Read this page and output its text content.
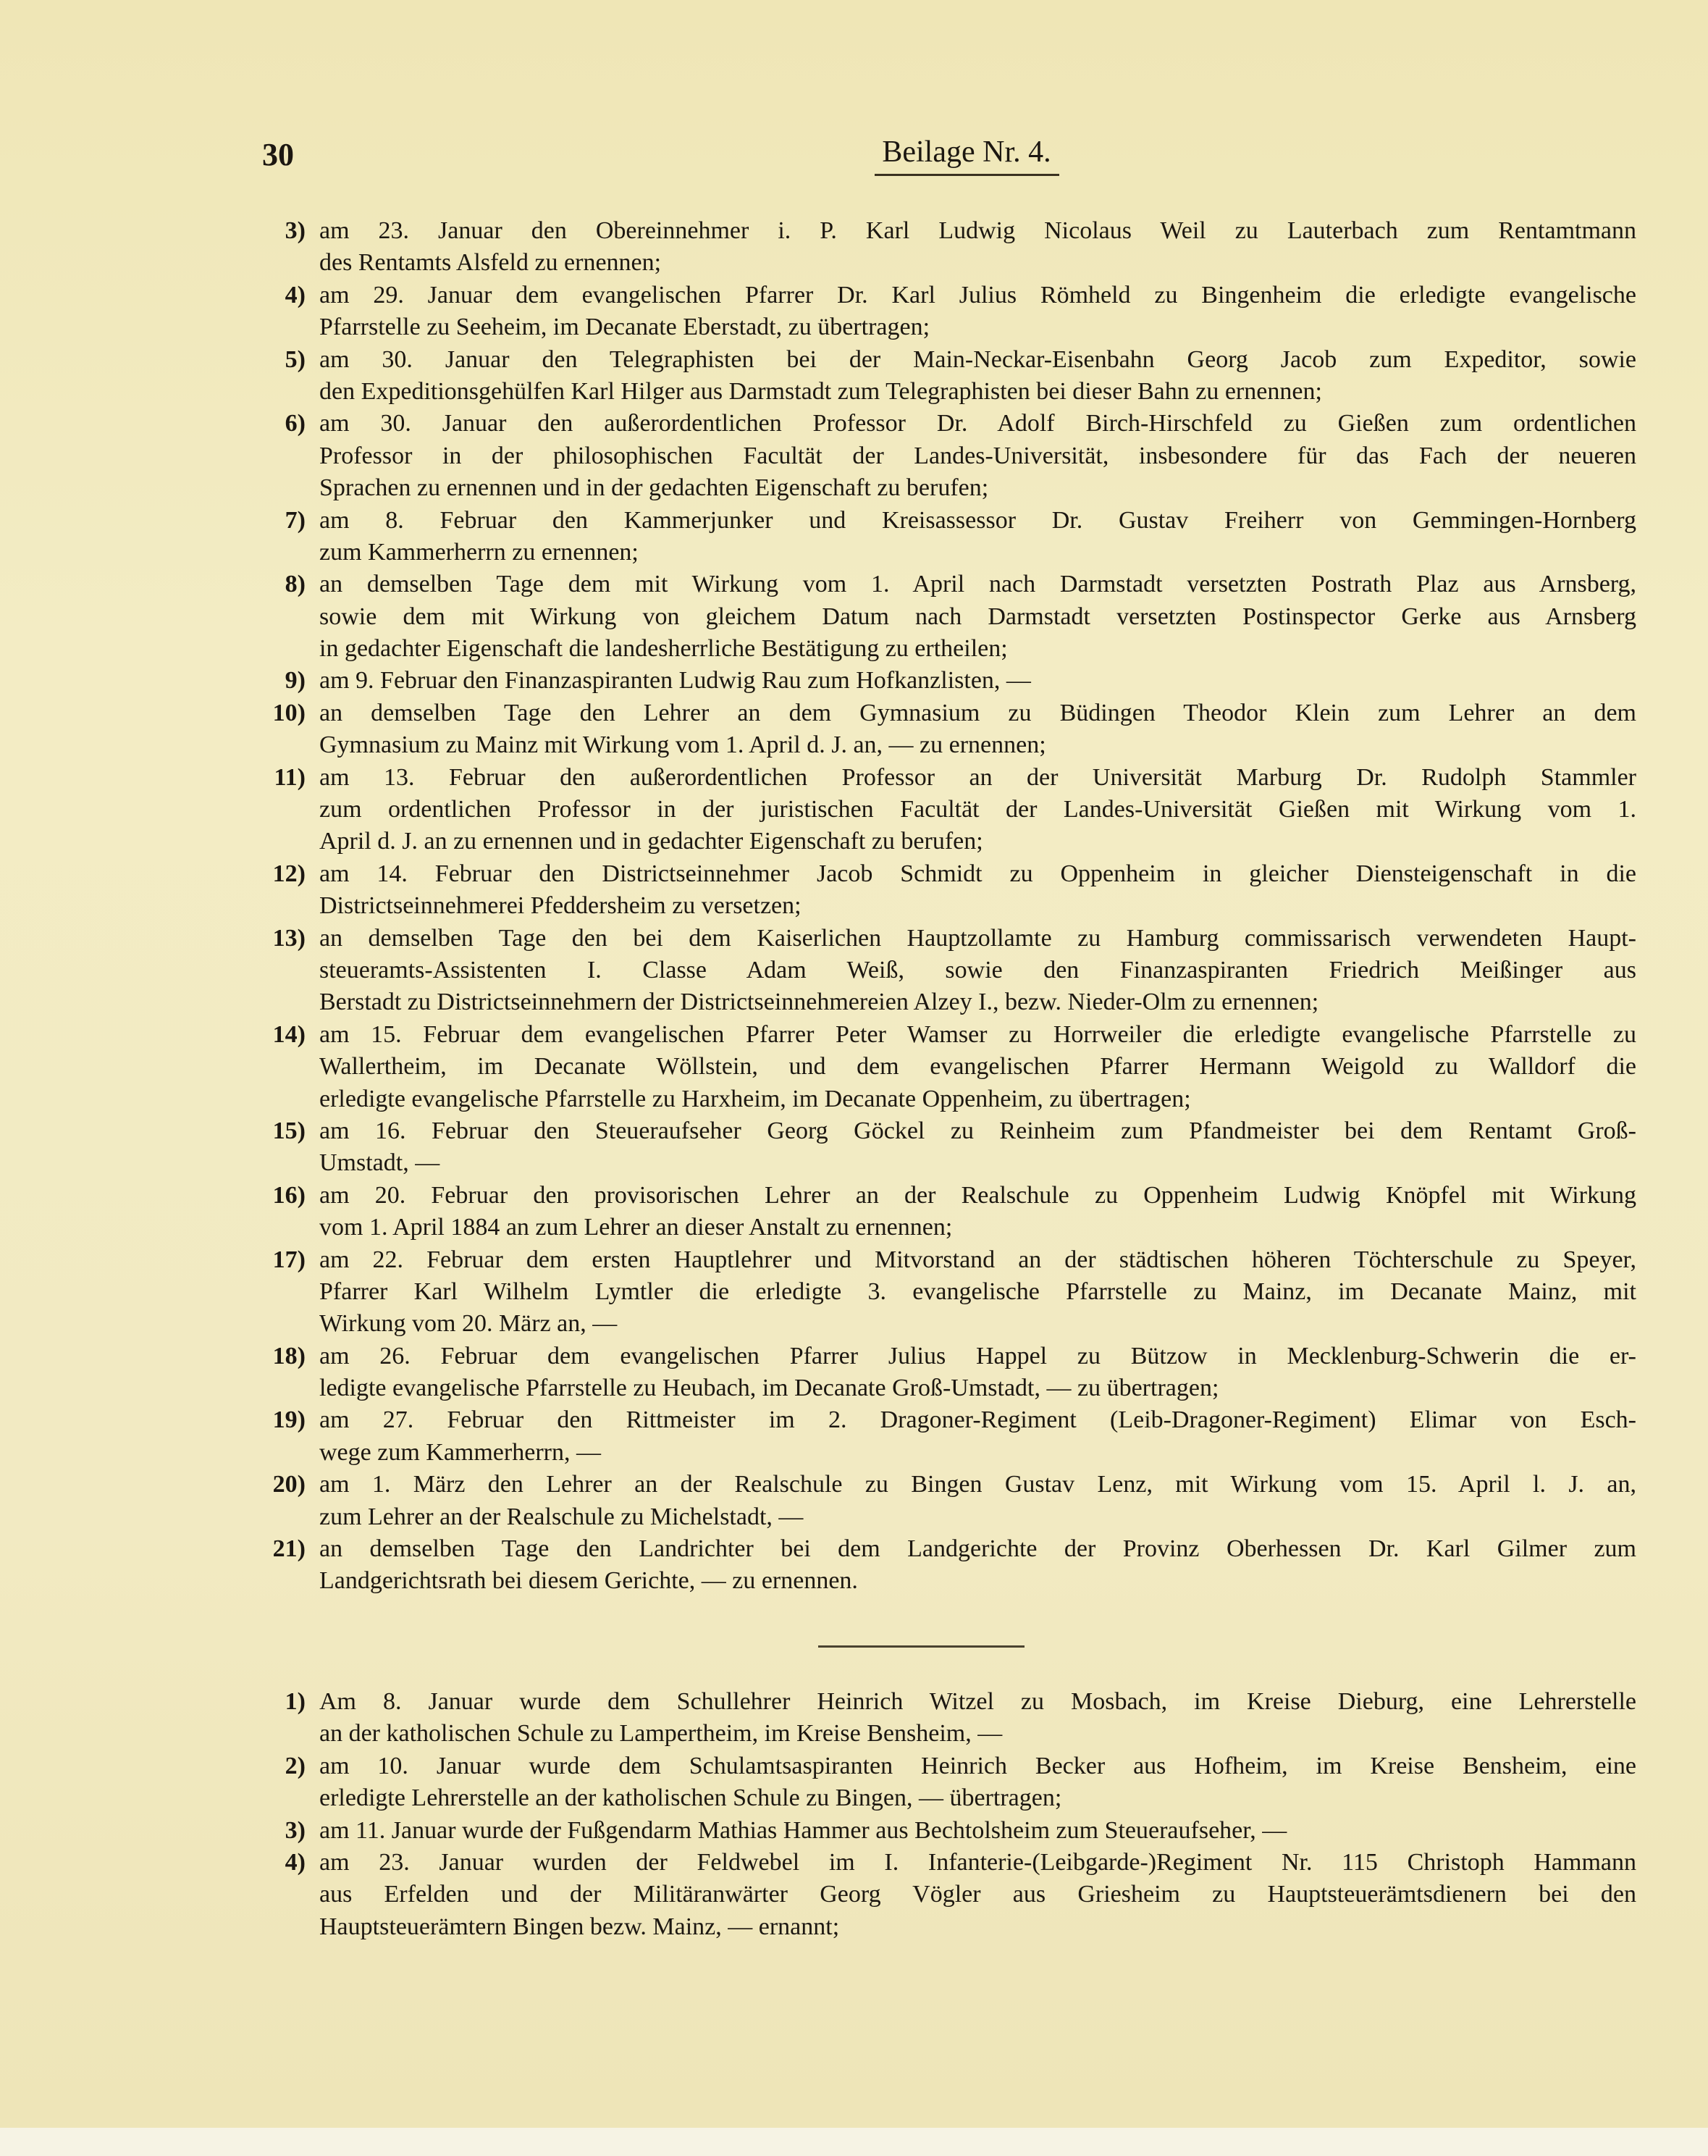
30	Beilage Nr. 4.
3) am 23. Januar den Obereinnehmer i. P. Karl Ludwig Nicolaus Weil zu Lauterbach zum Rentamtmann
des Rentamts Alsfeld zu ernennen;
4) am 29. Januar dem evangelischen Pfarrer Dr. Karl Julius Römheld zu Bingenheim die erledigte evangelische
Pfarrstelle zu Seeheim, im Decanate Eberstadt, zu übertragen;
5) am 30. Januar den Telegraphisten bei der Main-Neckar-Eisenbahn Georg Jacob zum Expeditor, sowie
den Expeditionsgehülfen Karl Hilger aus Darmstadt zum Telegraphisten bei dieser Bahn zu ernennen;
6) am 30. Januar den außerordentlichen Professor Dr. Adolf Birch-Hirschfeld zu Gießen zum ordentlichen
Professor in der philosophischen Facultät der Landes-Universität, insbesondere für das Fach der neueren
Sprachen zu ernennen und in der gedachten Eigenschaft zu berufen;
7) am 8. Februar den Kammerjunker und Kreisassessor Dr. Gustav Freiherr von Gemmingen-Hornberg
zum Kammerherrn zu ernennen;
8) an demselben Tage dem mit Wirkung vom 1. April nach Darmstadt versetzten Postrath Plaz aus Arnsberg,
sowie dem mit Wirkung von gleichem Datum nach Darmstadt versetzten Postinspector Gerke aus Arnsberg
in gedachter Eigenschaft die landesherrliche Bestätigung zu ertheilen;
9) am 9. Februar den Finanzaspiranten Ludwig Rau zum Hofkanzlisten, —
10) an demselben Tage den Lehrer an dem Gymnasium zu Büdingen Theodor Klein zum Lehrer an dem
Gymnasium zu Mainz mit Wirkung vom 1. April d. J. an, — zu ernennen;
11) am 13. Februar den außerordentlichen Professor an der Universität Marburg Dr. Rudolph Stammler
zum ordentlichen Professor in der juristischen Facultät der Landes-Universität Gießen mit Wirkung vom 1.
April d. J. an zu ernennen und in gedachter Eigenschaft zu berufen;
12) am 14. Februar den Districtseinnehmer Jacob Schmidt zu Oppenheim in gleicher Diensteigenschaft in die
Districtseinnehmerei Pfeddersheim zu versetzen;
13) an demselben Tage den bei dem Kaiserlichen Hauptzollamte zu Hamburg commissarisch verwendeten Haupt-
steueramts-Assistenten I. Classe Adam Weiß, sowie den Finanzaspiranten Friedrich Meißinger aus
Berstadt zu Districtseinnehmern der Districtseinnehmereien Alzey I., bezw. Nieder-Olm zu ernennen;
14) am 15. Februar dem evangelischen Pfarrer Peter Wamser zu Horrweiler die erledigte evangelische Pfarrstelle zu
Wallertheim, im Decanate Wöllstein, und dem evangelischen Pfarrer Hermann Weigold zu Walldorf die
erledigte evangelische Pfarrstelle zu Harxheim, im Decanate Oppenheim, zu übertragen;
15) am 16. Februar den Steueraufseher Georg Göckel zu Reinheim zum Pfandmeister bei dem Rentamt Groß-
Umstadt, —
16) am 20. Februar den provisorischen Lehrer an der Realschule zu Oppenheim Ludwig Knöpfel mit Wirkung
vom 1. April 1884 an zum Lehrer an dieser Anstalt zu ernennen;
17) am 22. Februar dem ersten Hauptlehrer und Mitvorstand an der städtischen höheren Töchterschule zu Speyer,
Pfarrer Karl Wilhelm Lymtler die erledigte 3. evangelische Pfarrstelle zu Mainz, im Decanate Mainz, mit
Wirkung vom 20. März an, —
18) am 26. Februar dem evangelischen Pfarrer Julius Happel zu Bützow in Mecklenburg-Schwerin die er-
ledigte evangelische Pfarrstelle zu Heubach, im Decanate Groß-Umstadt, — zu übertragen;
19) am 27. Februar den Rittmeister im 2. Dragoner-Regiment (Leib-Dragoner-Regiment) Elimar von Esch-
wege zum Kammerherrn, —
20) am 1. März den Lehrer an der Realschule zu Bingen Gustav Lenz, mit Wirkung vom 15. April l. J. an,
zum Lehrer an der Realschule zu Michelstadt, —
21) an demselben Tage den Landrichter bei dem Landgerichte der Provinz Oberhessen Dr. Karl Gilmer zum
Landgerichtsrath bei diesem Gerichte, — zu ernennen.
1) Am 8. Januar wurde dem Schullehrer Heinrich Witzel zu Mosbach, im Kreise Dieburg, eine Lehrerstelle
an der katholischen Schule zu Lampertheim, im Kreise Bensheim, —
2) am 10. Januar wurde dem Schulamtsaspiranten Heinrich Becker aus Hofheim, im Kreise Bensheim, eine
erledigte Lehrerstelle an der katholischen Schule zu Bingen, — übertragen;
3) am 11. Januar wurde der Fußgendarm Mathias Hammer aus Bechtolsheim zum Steueraufseher, —
4) am 23. Januar wurden der Feldwebel im I. Infanterie-(Leibgarde-)Regiment Nr. 115 Christoph Hammann
aus Erfelden und der Militäranwärter Georg Vögler aus Griesheim zu Hauptsteuerämtsdienern bei den
Hauptsteuerämtern Bingen bezw. Mainz, — ernannt;
